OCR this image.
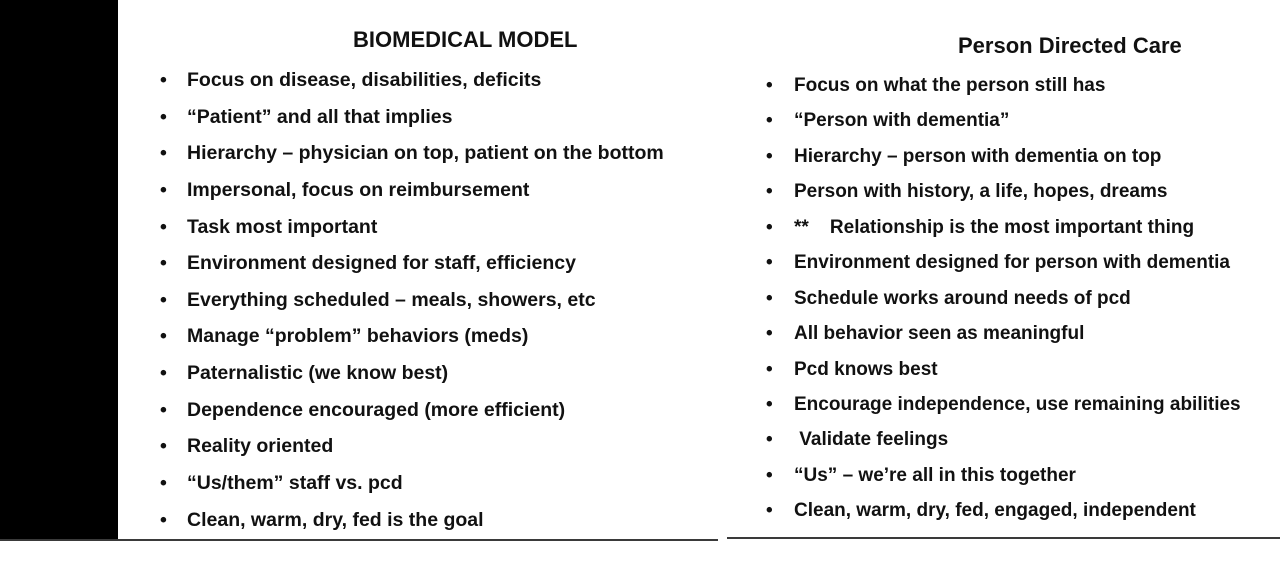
BIOMEDICAL MODEL
• Focus on disease, disabilities, deficits
• “Patient” and all that implies
• Hierarchy – physician on top, patient on the bottom
• Impersonal, focus on reimbursement
• Task most important
• Environment designed for staff, efficiency
• Everything scheduled – meals, showers, etc
• Manage “problem” behaviors (meds)
• Paternalistic (we know best)
• Dependence encouraged (more efficient)
• Reality oriented
• “Us/them” staff vs. pcd
• Clean, warm, dry, fed is the goal
Person Directed Care
• Focus on what the person still has
• “Person with dementia”
• Hierarchy – person with dementia on top
• Person with history, a life, hopes, dreams
• **    Relationship is the most important thing
• Environment designed for person with dementia
• Schedule works around needs of pcd
• All behavior seen as meaningful
• Pcd knows best
• Encourage independence, use remaining abilities
• Validate feelings
• “Us” – we’re all in this together
• Clean, warm, dry, fed, engaged, independent
